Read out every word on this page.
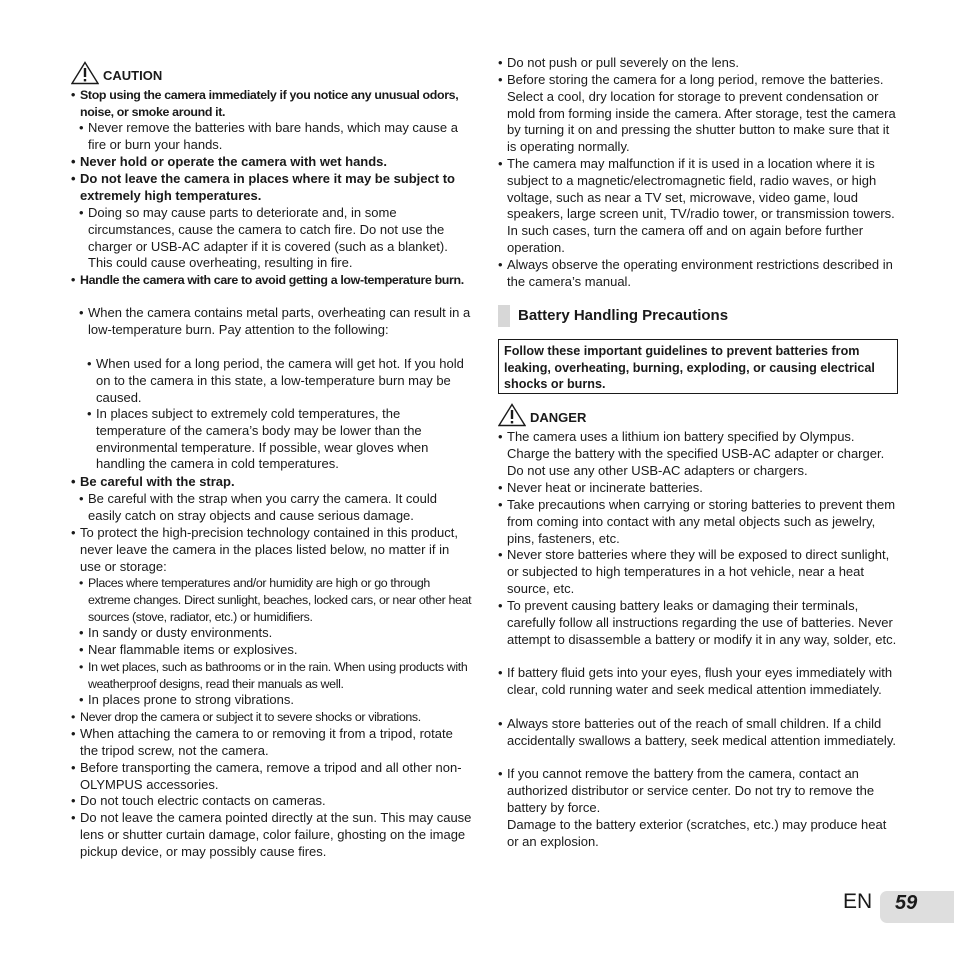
CAUTION
• Stop using the camera immediately if you notice any unusual odors, noise, or smoke around it.
• Never remove the batteries with bare hands, which may cause a fire or burn your hands.
• Never hold or operate the camera with wet hands.
• Do not leave the camera in places where it may be subject to extremely high temperatures.
• Doing so may cause parts to deteriorate and, in some circumstances, cause the camera to catch fire. Do not use the charger or USB-AC adapter if it is covered (such as a blanket). This could cause overheating, resulting in fire.
• Handle the camera with care to avoid getting a low-temperature burn.
• When the camera contains metal parts, overheating can result in a low-temperature burn. Pay attention to the following:
• When used for a long period, the camera will get hot. If you hold on to the camera in this state, a low-temperature burn may be caused.
• In places subject to extremely cold temperatures, the temperature of the camera’s body may be lower than the environmental temperature. If possible, wear gloves when handling the camera in cold temperatures.
• Be careful with the strap.
• Be careful with the strap when you carry the camera. It could easily catch on stray objects and cause serious damage.
• To protect the high-precision technology contained in this product, never leave the camera in the places listed below, no matter if in use or storage:
• Places where temperatures and/or humidity are high or go through extreme changes. Direct sunlight, beaches, locked cars, or near other heat sources (stove, radiator, etc.) or humidifiers.
• In sandy or dusty environments.
• Near flammable items or explosives.
• In wet places, such as bathrooms or in the rain. When using products with weatherproof designs, read their manuals as well.
• In places prone to strong vibrations.
• Never drop the camera or subject it to severe shocks or vibrations.
• When attaching the camera to or removing it from a tripod, rotate the tripod screw, not the camera.
• Before transporting the camera, remove a tripod and all other non-OLYMPUS accessories.
• Do not touch electric contacts on cameras.
• Do not leave the camera pointed directly at the sun. This may cause lens or shutter curtain damage, color failure, ghosting on the image pickup device, or may possibly cause fires.
• Do not push or pull severely on the lens.
• Before storing the camera for a long period, remove the batteries. Select a cool, dry location for storage to prevent condensation or mold from forming inside the camera. After storage, test the camera by turning it on and pressing the shutter button to make sure that it is operating normally.
• The camera may malfunction if it is used in a location where it is subject to a magnetic/electromagnetic field, radio waves, or high voltage, such as near a TV set, microwave, video game, loud speakers, large screen unit, TV/radio tower, or transmission towers. In such cases, turn the camera off and on again before further operation.
• Always observe the operating environment restrictions described in the camera’s manual.
Battery Handling Precautions
Follow these important guidelines to prevent batteries from leaking, overheating, burning, exploding, or causing electrical shocks or burns.
DANGER
• The camera uses a lithium ion battery specified by Olympus. Charge the battery with the specified USB-AC adapter or charger. Do not use any other USB-AC adapters or chargers.
• Never heat or incinerate batteries.
• Take precautions when carrying or storing batteries to prevent them from coming into contact with any metal objects such as jewelry, pins, fasteners, etc.
• Never store batteries where they will be exposed to direct sunlight, or subjected to high temperatures in a hot vehicle, near a heat source, etc.
• To prevent causing battery leaks or damaging their terminals, carefully follow all instructions regarding the use of batteries. Never attempt to disassemble a battery or modify it in any way, solder, etc.
• If battery fluid gets into your eyes, flush your eyes immediately with clear, cold running water and seek medical attention immediately.
• Always store batteries out of the reach of small children. If a child accidentally swallows a battery, seek medical attention immediately.
• If you cannot remove the battery from the camera, contact an authorized distributor or service center. Do not try to remove the battery by force.
Damage to the battery exterior (scratches, etc.) may produce heat or an explosion.
EN 59
